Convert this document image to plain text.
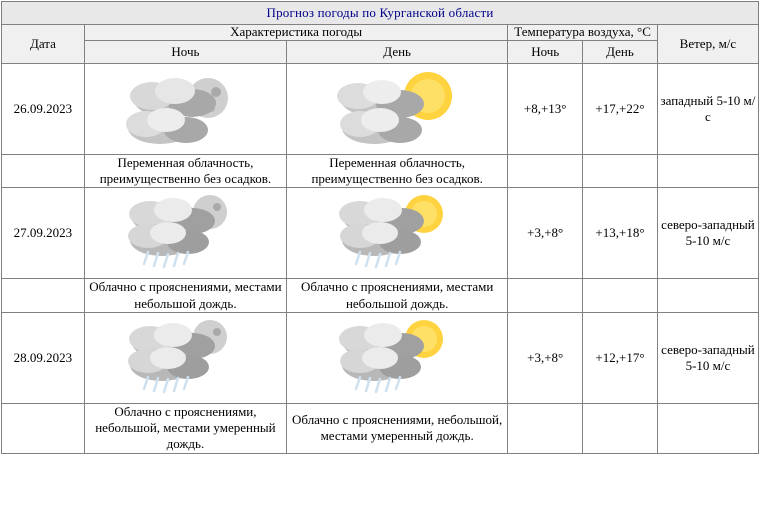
Прогноз погоды по Курганской области					
Дата	Характеристика погоды		Температура воздуха, °C		Ветер, м/с
	Ночь	День	Ночь	День	
26.09.2023			+8,+13°	+17,+22°	западный 5-10 м/с
	Переменная облачность, преимущественно без осадков.	Переменная облачность, преимущественно без осадков.			
27.09.2023			+3,+8°	+13,+18°	северо-западный 5-10 м/с
	Облачно с прояснениями, местами небольшой дождь.	Облачно с прояснениями, местами небольшой дождь.			
28.09.2023			+3,+8°	+12,+17°	северо-западный 5-10 м/с
	Облачно с прояснениями, небольшой, местами умеренный дождь.	Облачно с прояснениями, небольшой, местами умеренный дождь.			
